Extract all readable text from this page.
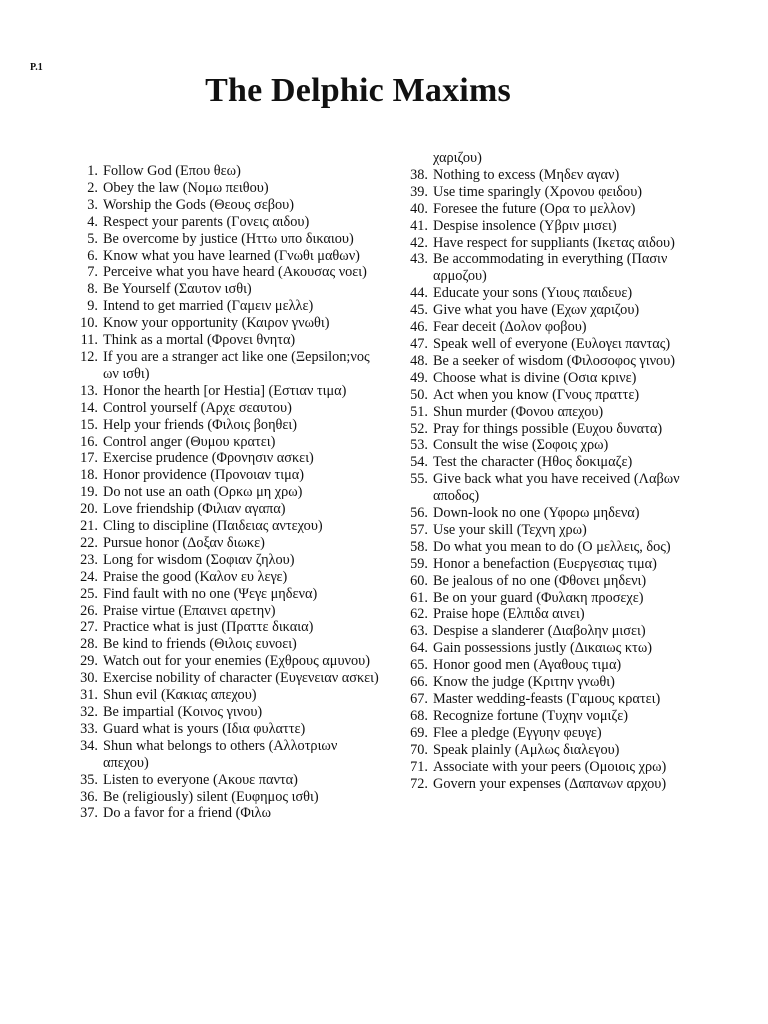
P.1
The Delphic Maxims
1. Follow God (Επου θεω)
2. Obey the law (Νομω πειθου)
3. Worship the Gods (Θεους σεβου)
4. Respect your parents (Γονεις αιδου)
5. Be overcome by justice (Ηττω υπο δικαιου)
6. Know what you have learned (Γνωθι μαθων)
7. Perceive what you have heard (Ακουσας νοει)
8. Be Yourself (Σαυτον ισθι)
9. Intend to get married (Γαμειν μελλε)
10. Know your opportunity (Καιρον γνωθι)
11. Think as a mortal (Φρονει θνητα)
12. If you are a stranger act like one (Ξepsilon;νος ων ισθι)
13. Honor the hearth [or Hestia] (Εστιαν τιμα)
14. Control yourself (Αρχε σεαυτου)
15. Help your friends (Φιλοις βοηθει)
16. Control anger (Θυμου κρατει)
17. Exercise prudence (Φρονησιν ασκει)
18. Honor providence (Προνοιαν τιμα)
19. Do not use an oath (Ορκω μη χρω)
20. Love friendship (Φιλιαν αγαπα)
21. Cling to discipline (Παιδειας αντεχου)
22. Pursue honor (Δοξαν διωκε)
23. Long for wisdom (Σοφιαν ζηλου)
24. Praise the good (Καλον ευ λεγε)
25. Find fault with no one (Ψεγε μηδενα)
26. Praise virtue (Επαινει αρετην)
27. Practice what is just (Πραττε δικαια)
28. Be kind to friends (Θιλοις ευνοει)
29. Watch out for your enemies (Εχθρους αμυνου)
30. Exercise nobility of character (Ευγενειαν ασκει)
31. Shun evil (Κακιας απεχου)
32. Be impartial (Κοινος γινου)
33. Guard what is yours (Ιδια φυλαττε)
34. Shun what belongs to others (Αλλοτριων απεχου)
35. Listen to everyone (Ακουε παντα)
36. Be (religiously) silent (Ευφημος ισθι)
37. Do a favor for a friend (Φιλω
χαριζου)
38. Nothing to excess (Μηδεν αγαν)
39. Use time sparingly (Χρονου φειδου)
40. Foresee the future (Ορα το μελλον)
41. Despise insolence (Υβριν μισει)
42. Have respect for suppliants (Ικετας αιδου)
43. Be accommodating in everything (Πασιν αρμοζου)
44. Educate your sons (Υιους παιδευε)
45. Give what you have (Εχων χαριζου)
46. Fear deceit (Δολον φοβου)
47. Speak well of everyone (Ευλογει παντας)
48. Be a seeker of wisdom (Φιλοσοφος γινου)
49. Choose what is divine (Οσια κρινε)
50. Act when you know (Γνους πραττε)
51. Shun murder (Φονου απεχου)
52. Pray for things possible (Ευχου δυνατα)
53. Consult the wise (Σοφοις χρω)
54. Test the character (Ηθος δοκιμαζε)
55. Give back what you have received (Λαβων αποδος)
56. Down-look no one (Υφορω μηδενα)
57. Use your skill (Τεχνη χρω)
58. Do what you mean to do (Ο μελλεις, δος)
59. Honor a benefaction (Ευεργεσιας τιμα)
60. Be jealous of no one (Φθονει μηδενι)
61. Be on your guard (Φυλακη προσεχε)
62. Praise hope (Ελπιδα αινει)
63. Despise a slanderer (Διαβολην μισει)
64. Gain possessions justly (Δικαιως κτω)
65. Honor good men (Αγαθους τιμα)
66. Know the judge (Κριτην γνωθι)
67. Master wedding-feasts (Γαμους κρατει)
68. Recognize fortune (Τυχην νομιζε)
69. Flee a pledge (Εγγυην φευγε)
70. Speak plainly (Αμλως διαλεγου)
71. Associate with your peers (Ομοιοις χρω)
72. Govern your expenses (Δαπανων αρχου)
